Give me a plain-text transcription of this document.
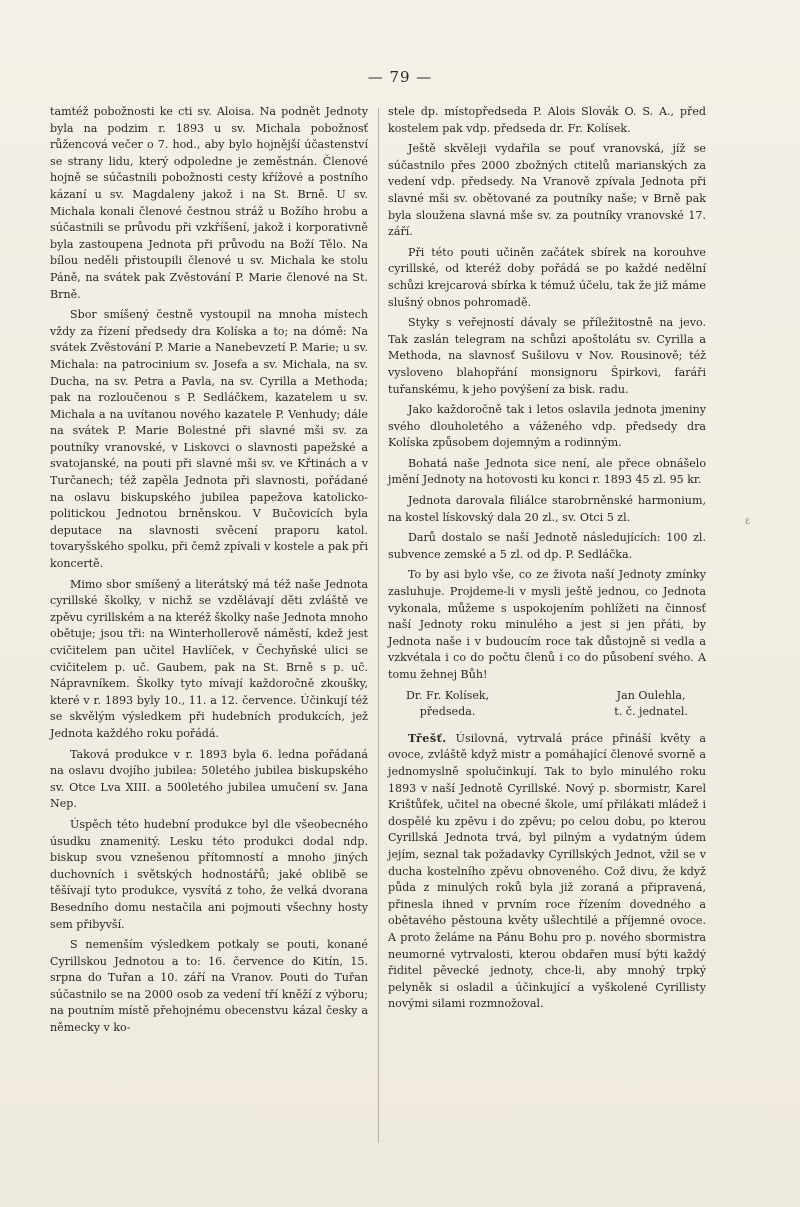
— 79 —

tamtéž pobožnosti ke cti sv. Aloisa. Na podnět Jednoty byla na podzim r. 1893 u sv. Michala pobožnosť růžencová večer o 7. hod., aby bylo hojnější účastenství se strany lidu, který odpoledne je zeměstnán. Členové hojně se súčastnili pobožnosti cesty křížové a postního kázaní u sv. Magdaleny jakož i na St. Brně. U sv. Michala konali členové čestnou stráž u Božího hrobu a súčastnili se průvodu při vzkříšení, jakož i korporativně byla zastoupena Jednota při průvodu na Boží Tělo. Na bílou neděli přistoupili členové u sv. Michala ke stolu Páně, na svátek pak Zvěstování P. Marie členové na St. Brně.

Sbor smíšený čestně vystoupil na mnoha místech vždy za řízení předsedy dra Kolíska a to; na dómě: Na svátek Zvěstování P. Marie a Nanebevzetí P. Marie; u sv. Michala: na patrocinium sv. Josefa a sv. Michala, na sv. Ducha, na sv. Petra a Pavla, na sv. Cyrilla a Methoda; pak na rozloučenou s P. Sedláčkem, kazatelem u sv. Michala a na uvítanou nového kazatele P. Venhudy; dále na svátek P. Marie Bolestné při slavné mši sv. za poutníky vranovské, v Liskovci o slavnosti papežské a svatojanské, na pouti při slavné mši sv. ve Křtinách a v Turčanech; též zapěla Jednota při slavnosti, pořádané na oslavu biskupského jubilea papežova katolicko-politickou Jednotou brněnskou. V Bučovicích byla deputace na slavnosti svěcení praporu katol. tovaryšského spolku, při čemž zpívali v kostele a pak při koncertě.

Mimo sbor smíšený a literátský má též naše Jednota cyrillské školky, v nichž se vzdělávají děti zvláště ve zpěvu cyrillském a na kteréž školky naše Jednota mnoho obětuje; jsou tři: na Winterhollerově náměstí, kdež jest cvičitelem pan učitel Havlíček, v Čechyňské ulici se cvičitelem p. uč. Gaubem, pak na St. Brně s p. uč. Nápravníkem. Školky tyto mívají každoročně zkoušky, které v r. 1893 byly 10., 11. a 12. července. Účinkují též se skvělým výsledkem při hudebních produkcích, jež Jednota každého roku pořádá.

Taková produkce v r. 1893 byla 6. ledna pořádaná na oslavu dvojího jubilea: 50letého jubilea biskupského sv. Otce Lva XIII. a 500letého jubilea umučení sv. Jana Nep.

Úspěch této hudební produkce byl dle všeobecného úsudku znamenitý. Lesku této produkci dodal ndp. biskup svou vznešenou přítomností a mnoho jiných duchovních i světských hodnostářů; jaké oblibě se těšívají tyto produkce, vysvítá z toho, že velká dvorana Besedního domu nestačila ani pojmouti všechny hosty sem přibyvší.

S nemenším výsledkem potkaly se pouti, konané Cyrillskou Jednotou a to: 16. července do Kitín, 15. srpna do Tuřan a 10. září na Vranov. Pouti do Tuřan súčastnilo se na 2000 osob za vedení tří kněží z výboru; na poutním místě přehojnému obecenstvu kázal česky a německy v ko-

stele dp. místopředseda P. Alois Slovák O. S. A., před kostelem pak vdp. předseda dr. Fr. Kolísek.

Ještě skvěleji vydařila se pouť vranovská, jíž se súčastnilo přes 2000 zbožných ctitelů marianských za vedení vdp. předsedy. Na Vranově zpívala Jednota při slavné mši sv. obětované za poutníky naše; v Brně pak byla sloužena slavná mše sv. za poutníky vranovské 17. září.

Při této pouti učiněn začátek sbírek na korouhve cyrillské, od kteréž doby pořádá se po každé nedělní schůzi krejcarová sbírka k témuž účelu, tak že již máme slušný obnos pohromadě.

Styky s veřejností dávaly se příležitostně na jevo. Tak zaslán telegram na schůzi apoštolátu sv. Cyrilla a Methoda, na slavnosť Sušilovu v Nov. Rousinově; též vysloveno blahopřání monsignoru Špirkovi, faráři tuřanskému, k jeho povýšení za bisk. radu.

Jako každoročně tak i letos oslavila jednota jmeniny svého dlouholetého a váženého vdp. předsedy dra Kolíska způsobem dojemným a rodinným.

Bohatá naše Jednota sice není, ale přece obnášelo jmění Jednoty na hotovosti ku konci r. 1893 45 zl. 95 kr.

Jednota darovala filiálce starobrněnské harmonium, na kostel lískovský dala 20 zl., sv. Otci 5 zl.

Darů dostalo se naší Jednotě následujících: 100 zl. subvence zemské a 5 zl. od dp. P. Sedláčka.

To by asi bylo vše, co ze života naší Jednoty zmínky zasluhuje. Projdeme-li v mysli ještě jednou, co Jednota vykonala, můžeme s uspokojením pohlížeti na činnosť naší Jednoty roku minulého a jest si jen přáti, by Jednota naše i v budoucím roce tak důstojně si vedla a vzkvétala i co do počtu členů i co do působení svého. A tomu žehnej Bůh!

Dr. Fr. Kolísek,
předseda.
Jan Oulehla,
t. č. jednatel.

Třešť. Úsilovná, vytrvalá práce přináší květy a ovoce, zvláště když mistr a pomáhající členové svorně a jednomyslně spolučinkují. Tak to bylo minulého roku 1893 v naší Jednotě Cyrillské. Nový p. sbormistr, Karel Krištůfek, učitel na obecné škole, umí přilákati mládež i dospělé ku zpěvu i do zpěvu; po celou dobu, po kterou Cyrillská Jednota trvá, byl pilným a vydatným údem jejím, seznal tak požadavky Cyrillských Jednot, vžil se v ducha kostelního zpěvu obnoveného. Což divu, že když půda z minulých roků byla již zoraná a připravená, přinesla ihned v prvním roce řízením dovedného a obětavého pěstouna květy ušlechtilé a příjemné ovoce. A proto želáme na Pánu Bohu pro p. nového sbormistra neumorné vytrvalosti, kterou obdařen musí býti každý řiditel pěvecké jednoty, chce-li, aby mnohý trpký pelyněk si osladil a účinkující a vyškolené Cyrillisty novými silami rozmnožoval.

ε
